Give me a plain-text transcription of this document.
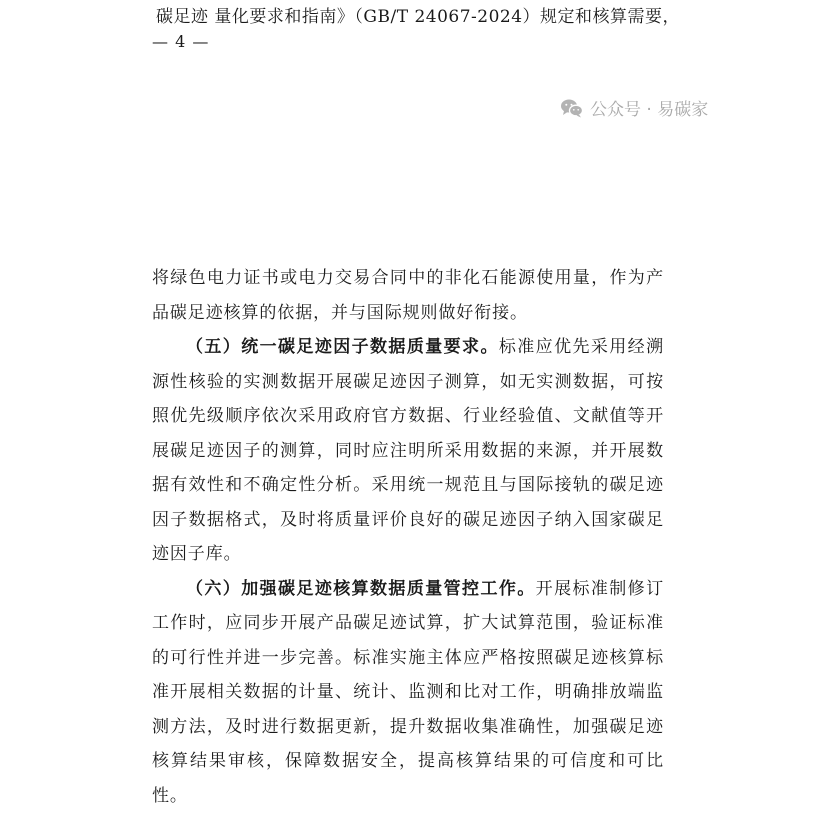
碳足迹 量化要求和指南》（GB/T 24067-2024）规定和核算需要，
— 4 —
公众号 · 易碳家

将绿色电力证书或电力交易合同中的非化石能源使用量，作为产品碳足迹核算的依据，并与国际规则做好衔接。

（五）统一碳足迹因子数据质量要求。标准应优先采用经溯源性核验的实测数据开展碳足迹因子测算，如无实测数据，可按照优先级顺序依次采用政府官方数据、行业经验值、文献值等开展碳足迹因子的测算，同时应注明所采用数据的来源，并开展数据有效性和不确定性分析。采用统一规范且与国际接轨的碳足迹因子数据格式，及时将质量评价良好的碳足迹因子纳入国家碳足迹因子库。

（六）加强碳足迹核算数据质量管控工作。开展标准制修订工作时，应同步开展产品碳足迹试算，扩大试算范围，验证标准的可行性并进一步完善。标准实施主体应严格按照碳足迹核算标准开展相关数据的计量、统计、监测和比对工作，明确排放端监测方法，及时进行数据更新，提升数据收集准确性，加强碳足迹核算结果审核，保障数据安全，提高核算结果的可信度和可比性。
